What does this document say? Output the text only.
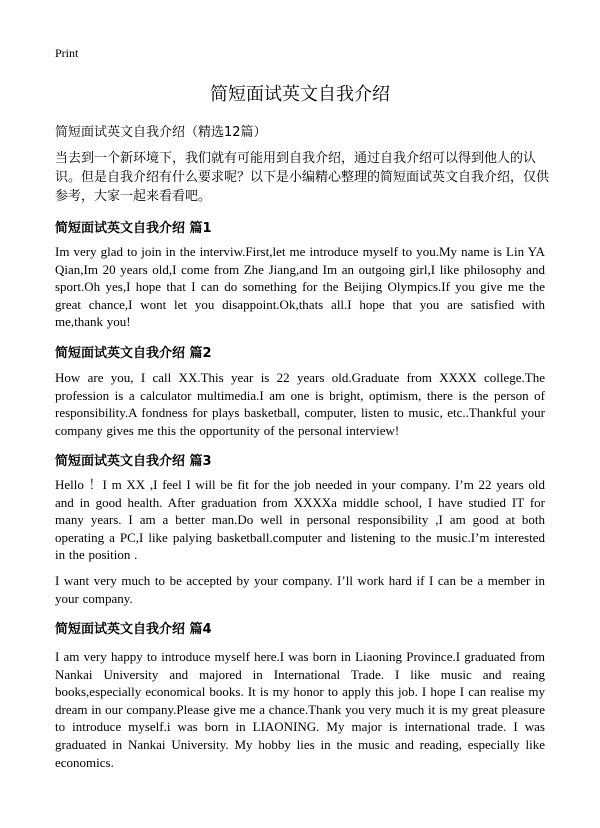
Print
简短面试英文自我介绍
简短面试英文自我介绍（精选12篇）
当去到一个新环境下，我们就有可能用到自我介绍，通过自我介绍可以得到他人的认识。但是自我介绍有什么要求呢？以下是小编精心整理的简短面试英文自我介绍，仅供参考，大家一起来看看吧。
简短面试英文自我介绍 篇1
Im very glad to join in the interviw.First,let me introduce myself to you.My name is Lin YA Qian,Im 20 years old,I come from Zhe Jiang,and Im an outgoing girl,I like philosophy and sport.Oh yes,I hope that I can do something for the Beijing Olympics.If you give me the great chance,I wont let you disappoint.Ok,thats all.I hope that you are satisfied with me,thank you!
简短面试英文自我介绍 篇2
How are you, I call XX.This year is 22 years old.Graduate from XXXX college.The profession is a calculator multimedia.I am one is bright, optimism, there is the person of responsibility.A fondness for plays basketball, computer, listen to music, etc..Thankful your company gives me this the opportunity of the personal interview!
简短面试英文自我介绍 篇3
Hello ！I m XX ,I feel I will be fit for the job needed in your company. I’m 22 years old and in good health. After graduation from XXXXa middle school, I have studied IT for many years. I am a better man.Do well in personal responsibility ,I am good at both operating a PC,I like palying basketball.computer and listening to the music.I’m interested in the position .
I want very much to be accepted by your company. I’ll work hard if I can be a member in your company.
简短面试英文自我介绍 篇4
I am very happy to introduce myself here.I was born in Liaoning Province.I graduated from Nankai University and majored in International Trade. I like music and reaing books,especially economical books. It is my honor to apply this job. I hope I can realise my dream in our company.Please give me a chance.Thank you very much it is my great pleasure to introduce myself.i was born in LIAONING. My major is international trade. I was graduated in Nankai University. My hobby lies in the music and reading, especially like economics.
